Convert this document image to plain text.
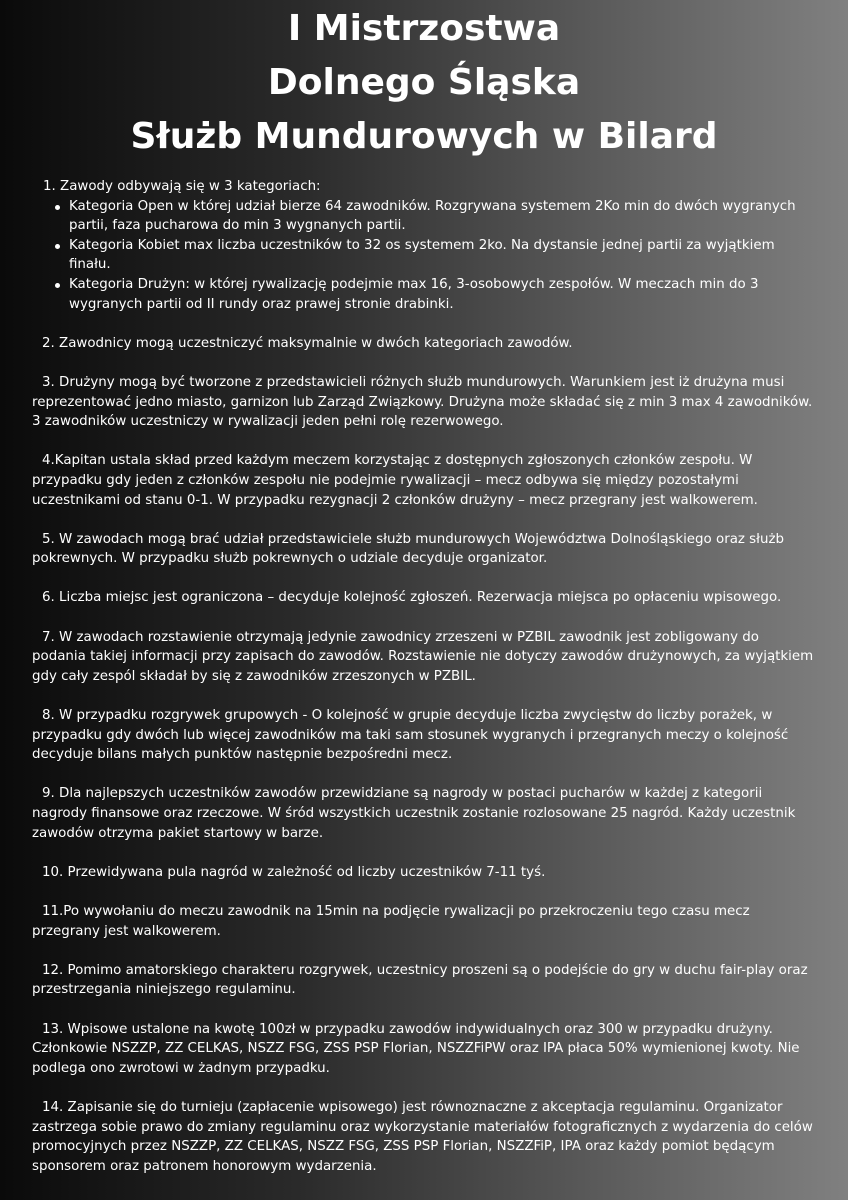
I Mistrzostwa
Dolnego Śląska
Służb Mundurowych w Bilard
1. Zawody odbywają się w 3 kategoriach:
Kategoria Open w której udział bierze 64 zawodników. Rozgrywana systemem 2Ko min do dwóch wygranych partii, faza pucharowa do min 3 wygnanych partii.
Kategoria Kobiet max liczba uczestników to 32 os systemem 2ko. Na dystansie jednej partii za wyjątkiem finału.
Kategoria Drużyn: w której rywalizację podejmie max 16, 3-osobowych zespołów. W meczach min do 3 wygranych partii od II rundy oraz prawej stronie drabinki.

2. Zawodnicy mogą uczestniczyć maksymalnie w dwóch kategoriach zawodów.

3. Drużyny mogą być tworzone z przedstawicieli różnych służb mundurowych. Warunkiem jest iż drużyna musi reprezentować jedno miasto, garnizon lub Zarząd Związkowy. Drużyna może składać się z min 3 max 4 zawodników. 3 zawodników uczestniczy w rywalizacji jeden pełni rolę rezerwowego.

4.Kapitan ustala skład przed każdym meczem korzystając z dostępnych zgłoszonych członków zespołu. W przypadku gdy jeden z członków zespołu nie podejmie rywalizacji – mecz odbywa się między pozostałymi uczestnikami od stanu 0-1. W przypadku rezygnacji 2 członków drużyny – mecz przegrany jest walkowerem.

5. W zawodach mogą brać udział przedstawiciele służb mundurowych Województwa Dolnośląskiego oraz służb pokrewnych. W przypadku służb pokrewnych o udziale decyduje organizator.

6. Liczba miejsc jest ograniczona – decyduje kolejność zgłoszeń. Rezerwacja miejsca po opłaceniu wpisowego.

7. W zawodach rozstawienie otrzymają jedynie zawodnicy zrzeszeni w PZBIL zawodnik jest zobligowany do podania takiej informacji przy zapisach do zawodów. Rozstawienie nie dotyczy zawodów drużynowych, za wyjątkiem gdy cały zespól składał by się z zawodników zrzeszonych w PZBIL.

8. W przypadku rozgrywek grupowych - O kolejność w grupie decyduje liczba zwycięstw do liczby porażek, w przypadku gdy dwóch lub więcej zawodników ma taki sam stosunek wygranych i przegranych meczy o kolejność decyduje bilans małych punktów następnie bezpośredni mecz.

9. Dla najlepszych uczestników zawodów przewidziane są nagrody w postaci pucharów w każdej z kategorii nagrody finansowe oraz rzeczowe. W śród wszystkich uczestnik zostanie rozlosowane 25 nagród. Każdy uczestnik zawodów otrzyma pakiet startowy w barze.

10. Przewidywana pula nagród w zależność od liczby uczestników 7-11 tyś.

11.Po wywołaniu do meczu zawodnik na 15min na podjęcie rywalizacji po przekroczeniu tego czasu mecz przegrany jest walkowerem.

12. Pomimo amatorskiego charakteru rozgrywek, uczestnicy proszeni są o podejście do gry w duchu fair-play oraz przestrzegania niniejszego regulaminu.

13. Wpisowe ustalone na kwotę 100zł w przypadku zawodów indywidualnych oraz 300 w przypadku drużyny. Członkowie NSZZP, ZZ CELKAS, NSZZ FSG, ZSS PSP Florian, NSZZFiPW oraz IPA płaca 50% wymienionej kwoty. Nie podlega ono zwrotowi w żadnym przypadku.

14. Zapisanie się do turnieju (zapłacenie wpisowego) jest równoznaczne z akceptacja regulaminu. Organizator zastrzega sobie prawo do zmiany regulaminu oraz wykorzystanie materiałów fotograficznych z wydarzenia do celów promocyjnych przez NSZZP, ZZ CELKAS, NSZZ FSG, ZSS PSP Florian, NSZZFiP, IPA oraz każdy pomiot będącym sponsorem oraz patronem honorowym wydarzenia.
